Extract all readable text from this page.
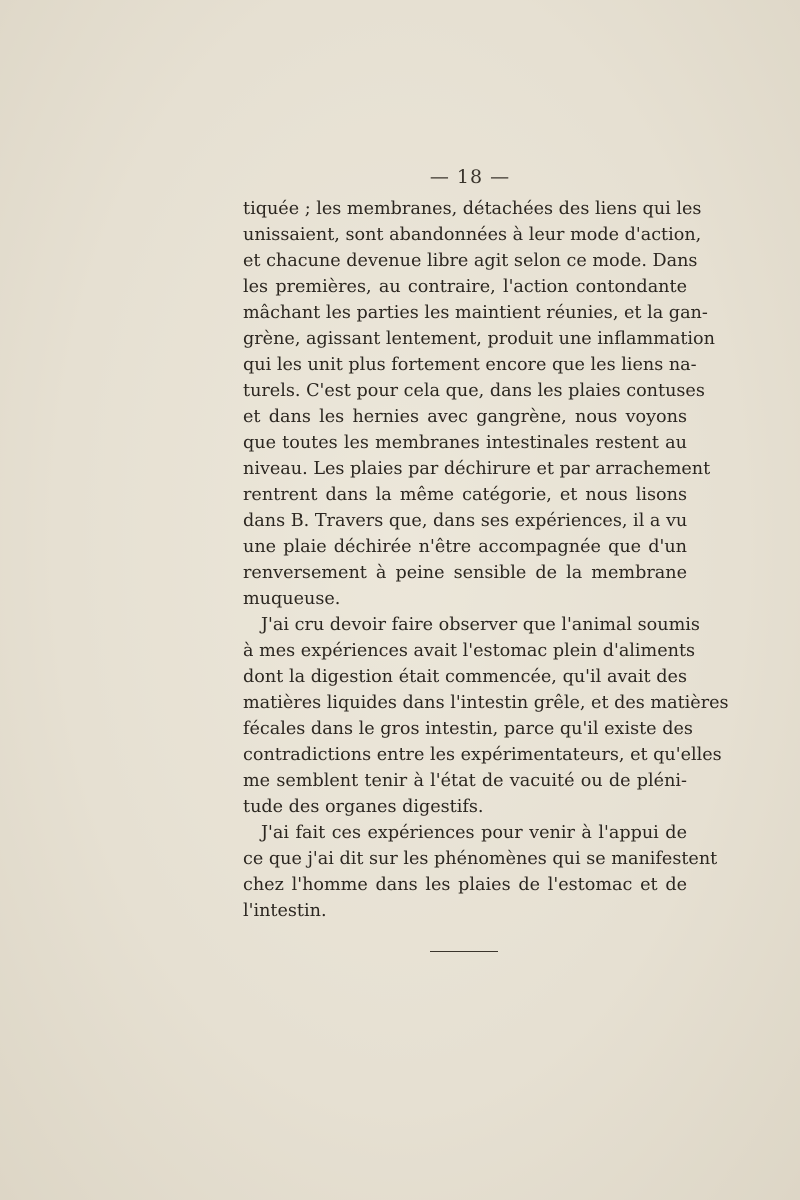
— 18 —
tiquée ; les membranes, détachées des liens qui les
unissaient, sont abandonnées à leur mode d'action,
et chacune devenue libre agit selon ce mode. Dans
les premières, au contraire, l'action contondante
mâchant les parties les maintient réunies, et la gan-
grène, agissant lentement, produit une inflammation
qui les unit plus fortement encore que les liens na-
turels. C'est pour cela que, dans les plaies contuses
et dans les hernies avec gangrène, nous voyons
que toutes les membranes intestinales restent au
niveau. Les plaies par déchirure et par arrachement
rentrent dans la même catégorie, et nous lisons
dans B. Travers que, dans ses expériences, il a vu
une plaie déchirée n'être accompagnée que d'un
renversement à peine sensible de la membrane
muqueuse.
J'ai cru devoir faire observer que l'animal soumis
à mes expériences avait l'estomac plein d'aliments
dont la digestion était commencée, qu'il avait des
matières liquides dans l'intestin grêle, et des matières
fécales dans le gros intestin, parce qu'il existe des
contradictions entre les expérimentateurs, et qu'elles
me semblent tenir à l'état de vacuité ou de pléni-
tude des organes digestifs.
J'ai fait ces expériences pour venir à l'appui de
ce que j'ai dit sur les phénomènes qui se manifestent
chez l'homme dans les plaies de l'estomac et de
l'intestin.
